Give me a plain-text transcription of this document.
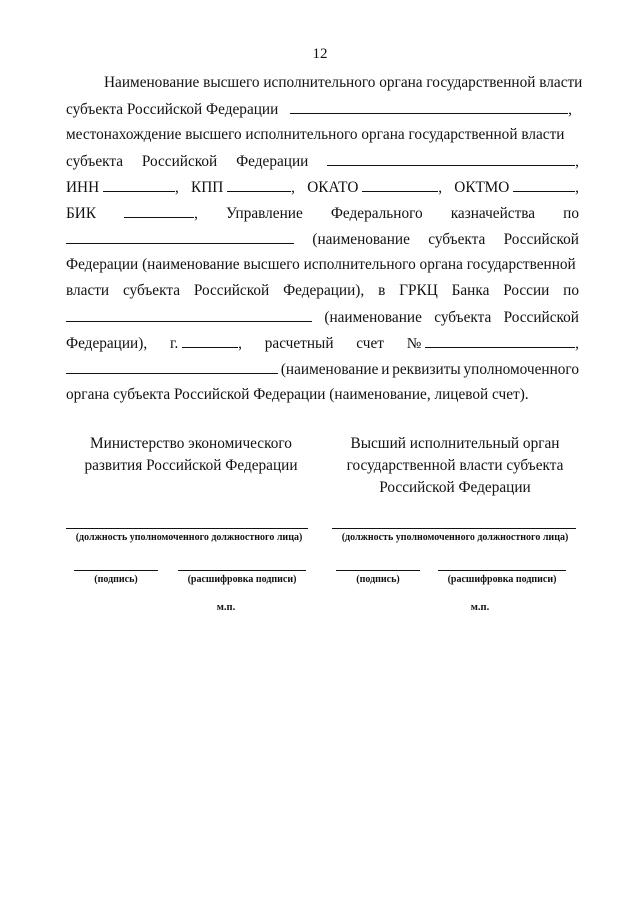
12
Наименование высшего исполнительного органа государственной власти
субъекта Российской Федерации	,
местонахождение высшего исполнительного органа государственной власти
субъекта Российской Федерации	,
ИНН	, КПП	, ОКАТО	, ОКТМО	,
БИК	, Управление Федерального казначейства по
(наименование субъекта Российской
Федерации (наименование высшего исполнительного органа государственной
власти субъекта Российской Федерации), в ГРКЦ Банка России по
(наименование субъекта Российской
Федерации), г.	, расчетный счет №	,
(наименование и реквизиты уполномоченного
органа субъекта Российской Федерации (наименование, лицевой счет).
Министерство экономического
развития Российской Федерации
Высший исполнительный орган
государственной власти субъекта
Российской Федерации
(должность уполномоченного должностного лица)
(подпись)	(расшифровка подписи)
м.п.
(должность уполномоченного должностного лица)
(подпись)	(расшифровка подписи)
м.п.
